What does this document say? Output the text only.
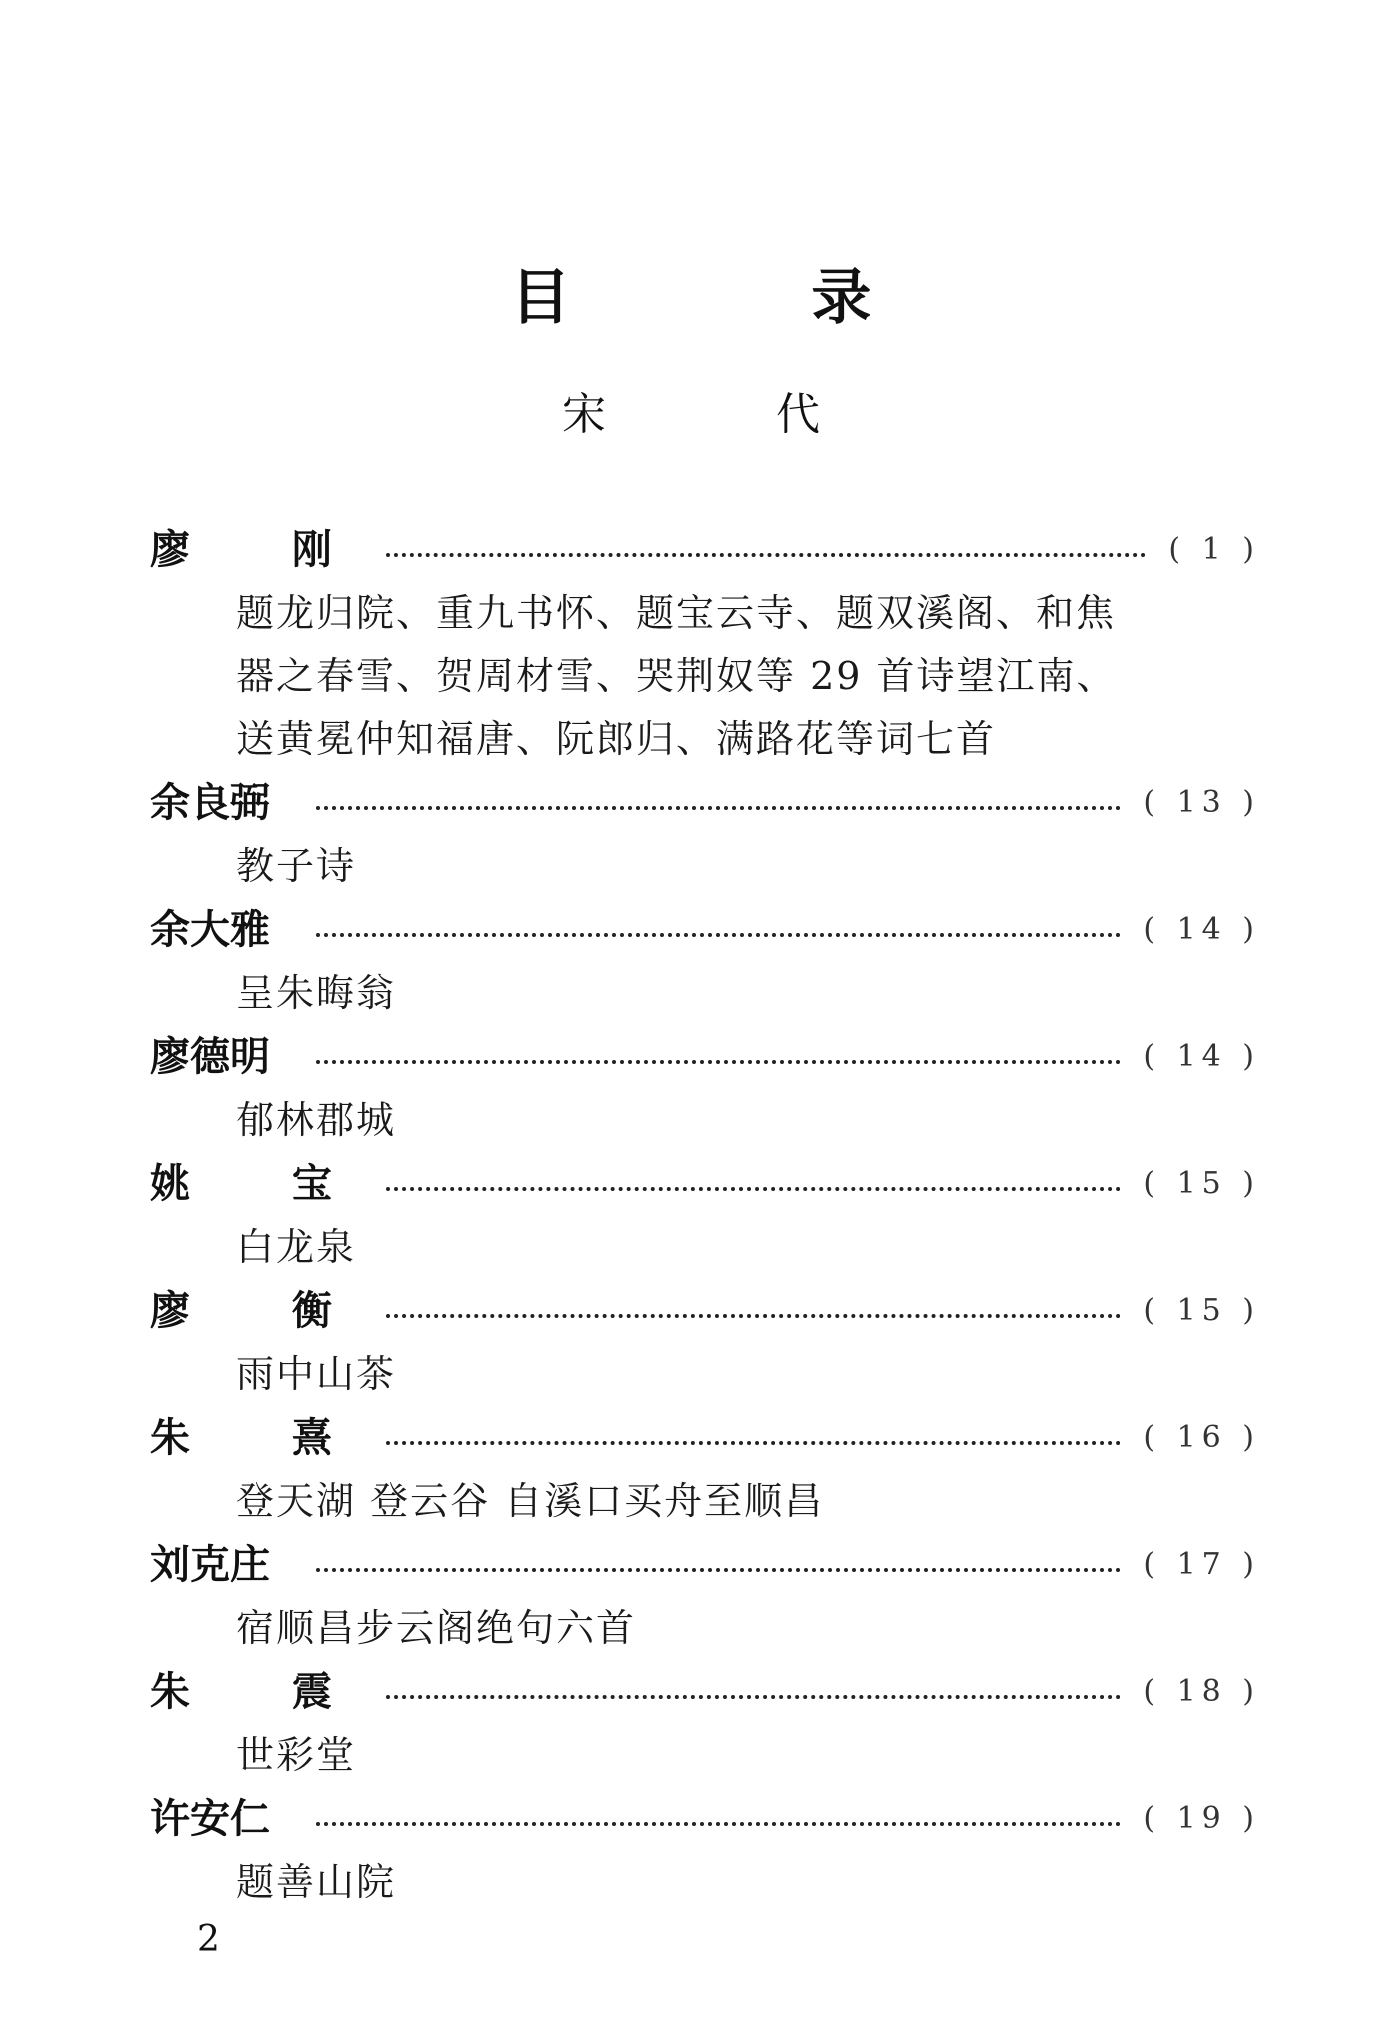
目 录
宋 代
廖 刚	( 1 )
题龙归院、重九书怀、题宝云寺、题双溪阁、和焦
器之春雪、贺周材雪、哭荆奴等 29 首诗望江南、
送黄冕仲知福唐、阮郎归、满路花等词七首
余良弼	( 13 )
教子诗
余大雅	( 14 )
呈朱晦翁
廖德明	( 14 )
郁林郡城
姚 宝	( 15 )
白龙泉
廖 衡	( 15 )
雨中山茶
朱 熹	( 16 )
登天湖 登云谷 自溪口买舟至顺昌
刘克庄	( 17 )
宿顺昌步云阁绝句六首
朱 震	( 18 )
世彩堂
许安仁	( 19 )
题善山院
2
